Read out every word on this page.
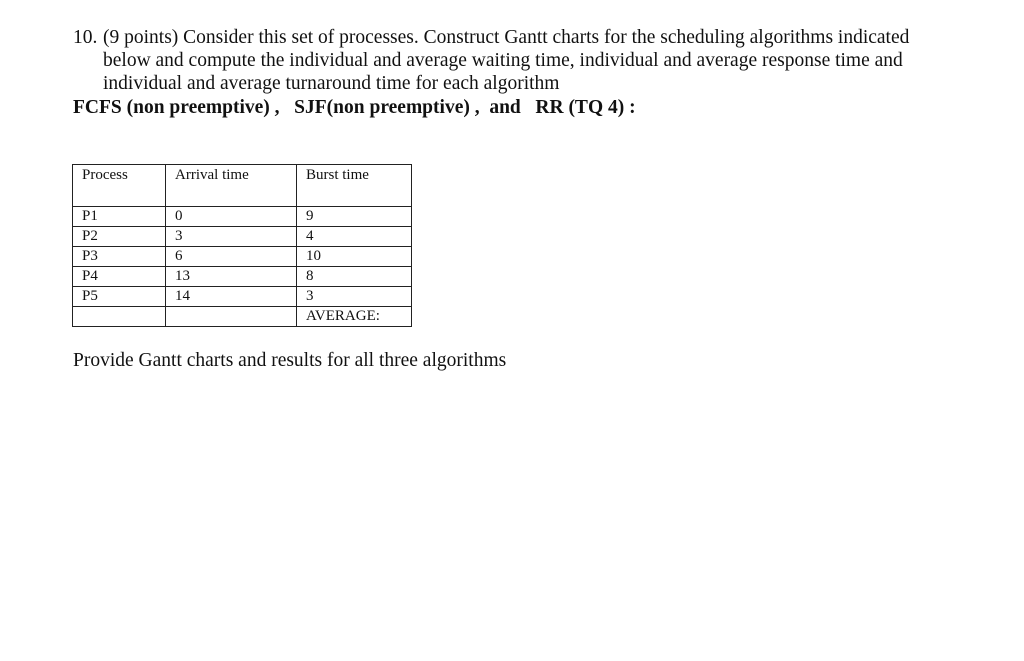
10. (9 points) Consider this set of processes. Construct Gantt charts for the scheduling algorithms indicated
below and compute the individual and average waiting time, individual and average response time and
individual and average turnaround time for each algorithm
FCFS (non preemptive) ,   SJF(non preemptive) ,  and   RR (TQ 4) :
Process	Arrival time	Burst time
P1	0	9
P2	3	4
P3	6	10
P4	13	8
P5	14	3
		AVERAGE:
Provide Gantt charts and results for all three algorithms
